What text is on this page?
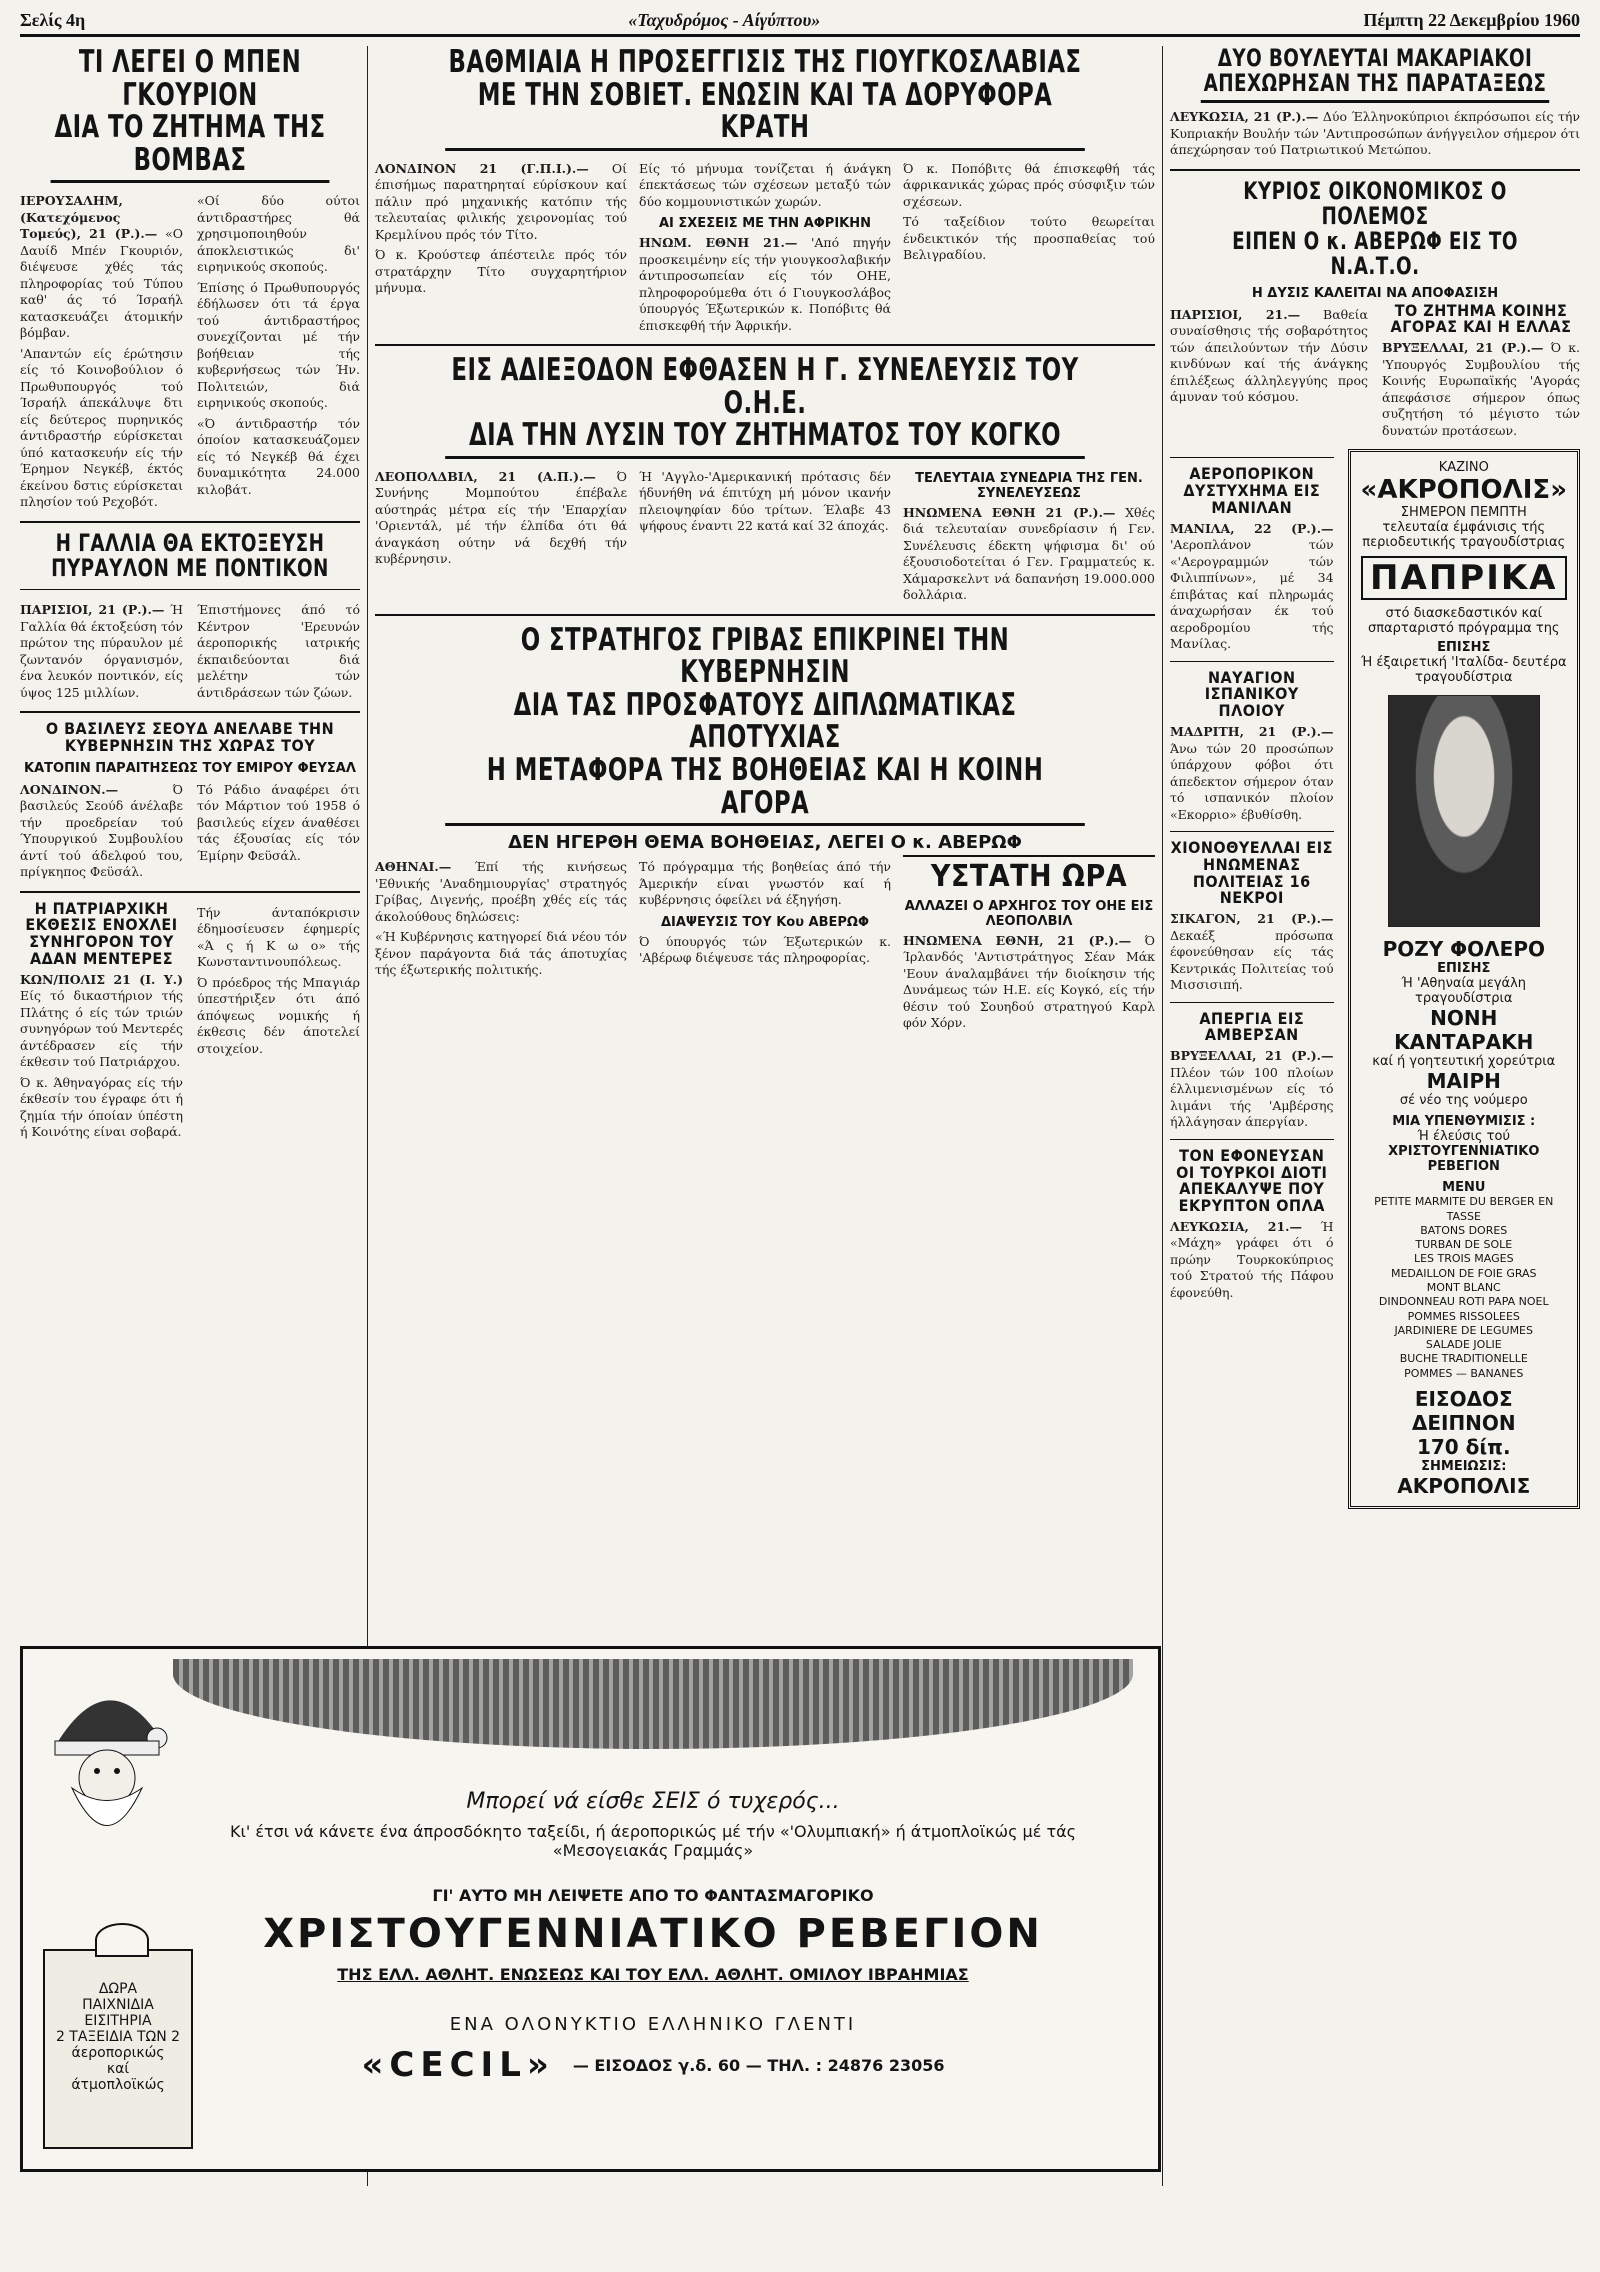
Σελίς 4η	«Ταχυδρόμος - Αίγύπτου»	Πέμπτη 22 Δεκεμβρίου 1960
ΤΙ ΛΕΓΕΙ Ο ΜΠΕΝ ΓΚΟΥΡΙΟΝ
ΔΙΑ ΤΟ ΖΗΤΗΜΑ ΤΗΣ ΒΟΜΒΑΣ

ΙΕΡΟΥΣΑΛΗΜ, (Κατεχόμενος Τομεύς), 21 (Ρ.).— «Ο Δαυίδ Μπέν Γκουριόν, διέψευσε χθές τάς πληροφορίας τού Τύπου καθ' άς τό Ίσραήλ κατασκευάζει άτομικήν βόμβαν.

'Απαντών είς έρώτησιν είς τό Κοινοβούλιον ό Πρωθυπουργός τού Ίσραήλ άπεκάλυψε δτι είς δεύτερος πυρηνικός άντιδραστήρ εύρίσκεται ύπό κατασκευήν είς τήν Έρημον Νεγκέβ, έκτός έκείνου δστις εύρίσκεται πλησίον τού Ρεχοβότ.

«Οί δύο ούτοι άντιδραστήρες θά χρησιμοποιηθούν άποκλειστικώς δι' ειρηνικούς σκοπούς.

Έπίσης ό Πρωθυπουργός έδήλωσεν ότι τά έργα τού άντιδραστήρος συνεχίζονται μέ τήν βοήθειαν τής κυβερνήσεως τών Ήν. Πολιτειών, διά ειρηνικούς σκοπούς.

«Ό άντιδραστήρ τόν όποίον κατασκευάζομεν είς τό Νεγκέβ θά έχει δυναμικότητα 24.000 κιλοβάτ.

Η ΓΑΛΛΙΑ ΘΑ ΕΚΤΟΞΕΥΣΗ ΠΥΡΑΥΛΟΝ ΜΕ ΠΟΝΤΙΚΟΝ

ΠΑΡΙΣΙΟΙ, 21 (Ρ.).— Ή Γαλλία θά έκτοξεύση τόν πρώτον της πύραυλον μέ ζωντανόν όργανισμόν, ένα λευκόν ποντικόν, είς ύψος 125 μιλλίων.

Έπιστήμονες άπό τό Κέντρον 'Ερευνών άεροπορικής ιατρικής έκπαιδεύονται διά μελέτην τών άντιδράσεων τών ζώων.

Ο ΒΑΣΙΛΕΥΣ ΣΕΟΥΔ ΑΝΕΛΑΒΕ ΤΗΝ ΚΥΒΕΡΝΗΣΙΝ ΤΗΣ ΧΩΡΑΣ ΤΟΥ
ΚΑΤΟΠΙΝ ΠΑΡΑΙΤΗΣΕΩΣ ΤΟΥ ΕΜΙΡΟΥ ΦΕΥΣΑΛ

ΛΟΝΔΙΝΟΝ.—	Ό βασιλεύς Σεούδ άνέλαβε τήν προεδρείαν τού Ύπουργικού Συμβουλίου άντί τού άδελφού του, πρίγκηπος Φεϋσάλ.

Τό Ράδιο άναφέρει ότι τόν Μάρτιον τού 1958 ό βασιλεύς είχεν άναθέσει τάς έξουσίας είς τόν Έμίρην Φεϋσάλ.

Η ΠΑΤΡΙΑΡΧΙΚΗ ΕΚΘΕΣΙΣ ΕΝΟΧΛΕΙ ΣΥΝΗΓΟΡΟΝ ΤΟΥ ΑΔΑΝ ΜΕΝΤΕΡΕΣ

ΚΩΝ/ΠΟΛΙΣ 21 (Ι. Υ.) Είς τό δικαστήριον τής Πλάτης ό είς τών τριών συνηγόρων τού Μεντερές άντέδρασεν είς τήν έκθεσιν τού Πατριάρχου.

Ό κ. Άθηναγόρας είς τήν έκθεσίν του έγραφε ότι ή ζημία τήν όποίαν ύπέστη ή Κοινότης είναι σοβαρά.

Τήν άνταπόκρισιν έδημοσίευσεν έφημερίς «Ά ς ή Κ ω ο» τής Κωνσταντινουπόλεως.

Ό πρόεδρος τής Μπαγιάρ ύπεστήριξεν ότι άπό άπόψεως νομικής ή έκθεσις δέν άποτελεί στοιχείον.

ΒΑΘΜΙΑΙΑ Η ΠΡΟΣΕΓΓΙΣΙΣ ΤΗΣ ΓΙΟΥΓΚΟΣΛΑΒΙΑΣ
ΜΕ ΤΗΝ ΣΟΒΙΕΤ. ΕΝΩΣΙΝ ΚΑΙ ΤΑ ΔΟΡΥΦΟΡΑ ΚΡΑΤΗ

ΛΟΝΔΙΝΟΝ 21 (Γ.Π.Ι.).— Οί έπισήμως παρατηρηταί εύρίσκουν καί πάλιν πρό μηχανικής κατόπιν τής τελευταίας φιλικής χειρονομίας τού Κρεμλίνου πρός τόν Τίτο.

Ό κ. Κρούστεφ άπέστειλε πρός τόν στρατάρχην Τίτο συγχαρητήριον μήνυμα.

Είς τό μήνυμα τονίζεται ή άνάγκη έπεκτάσεως τών σχέσεων μεταξύ τών δύο κομμουνιστικών χωρών.

ΑΙ ΣΧΕΣΕΙΣ ΜΕ ΤΗΝ ΑΦΡΙΚΗΝ

ΗΝΩΜ. ΕΘΝΗ 21.— 'Από πηγήν προσκειμένην είς τήν γιουγκοσλαβικήν άντιπροσωπείαν είς τόν ΟΗΕ, πληροφορούμεθα ότι ό Γιουγκοσλάβος ύπουργός Έξωτερικών κ. Ποπόβιτς θά έπισκεφθή τήν Άφρικήν.

Ό κ. Ποπόβιτς θά έπισκεφθή τάς άφρικανικάς χώρας πρός σύσφιξιν τών σχέσεων.

Τό ταξείδιον τούτο θεωρείται ένδεικτικόν τής προσπαθείας τού Βελιγραδίου.

ΕΙΣ ΑΔΙΕΞΟΔΟΝ ΕΦΘΑΣΕΝ Η Γ. ΣΥΝΕΛΕΥΣΙΣ ΤΟΥ Ο.Η.Ε.
ΔΙΑ ΤΗΝ ΛΥΣΙΝ ΤΟΥ ΖΗΤΗΜΑΤΟΣ ΤΟΥ ΚΟΓΚΟ

ΛΕΟΠΟΛΔΒΙΛ, 21 (Α.Π.).— Ό Συνήνης Μομπούτου έπέβαλε αύστηράς μέτρα είς τήν 'Επαρχίαν 'Οριεντάλ, μέ τήν έλπίδα ότι θά άναγκάση ούτην νά δεχθή τήν κυβέρνησιν.

Ή 'Αγγλο-'Αμερικανική πρότασις δέν ήδυνήθη νά έπιτύχη μή μόνον ικανήν πλειοψηφίαν δύο τρίτων. Έλαβε 43 ψήφους έναντι 22 κατά καί 32 άποχάς.

ΤΕΛΕΥΤΑΙΑ ΣΥΝΕΔΡΙΑ ΤΗΣ ΓΕΝ. ΣΥΝΕΛΕΥΣΕΩΣ

ΗΝΩΜΕΝΑ ΕΘΝΗ 21 (Ρ.).— Χθές διά τελευταίαν συνεδρίασιν ή Γεν. Συνέλευσις έδεκτη ψήφισμα δι' ού έξουσιοδοτείται ό Γεν. Γραμματεύς κ. Χάμαρσκελντ νά δαπανήση 19.000.000 δολλάρια.

Ο ΣΤΡΑΤΗΓΟΣ ΓΡΙΒΑΣ ΕΠΙΚΡΙΝΕΙ ΤΗΝ ΚΥΒΕΡΝΗΣΙΝ
ΔΙΑ ΤΑΣ ΠΡΟΣΦΑΤΟΥΣ ΔΙΠΛΩΜΑΤΙΚΑΣ ΑΠΟΤΥΧΙΑΣ
Η ΜΕΤΑΦΟΡΑ ΤΗΣ ΒΟΗΘΕΙΑΣ ΚΑΙ Η ΚΟΙΝΗ ΑΓΟΡΑ
ΔΕΝ ΗΓΕΡΘΗ ΘΕΜΑ ΒΟΗΘΕΙΑΣ, ΛΕΓΕΙ Ο κ. ΑΒΕΡΩΦ

ΑΘΗΝΑΙ.— Έπί τής κινήσεως 'Εθνικής 'Αναδημιουργίας' στρατηγός Γρίβας, Διγενής, προέβη χθές είς τάς άκολούθους δηλώσεις:

«Ή Κυβέρνησις κατηγορεί διά νέου τόν ξένον παράγοντα διά τάς άποτυχίας τής έξωτερικής πολιτικής.

Τό πρόγραμμα τής βοηθείας άπό τήν Άμερικήν είναι γνωστόν καί ή κυβέρνησις όφείλει νά έξηγήση.

ΔΙΑΨΕΥΣΙΣ ΤΟΥ Κου ΑΒΕΡΩΦ

Ό ύπουργός τών Έξωτερικών κ. 'Αβέρωφ διέψευσε τάς πληροφορίας.

ΥΣΤΑΤΗ ΩΡΑ
ΑΛΛΑΖΕΙ Ο ΑΡΧΗΓΟΣ ΤΟΥ ΟΗΕ ΕΙΣ ΛΕΟΠΟΛΒΙΛ

ΗΝΩΜΕΝΑ ΕΘΝΗ, 21 (Ρ.).— Ό Ίρλανδός 'Αντιστράτηγος Σέαν Μάκ 'Εουν άναλαμβάνει τήν διοίκησιν τής Δυνάμεως τών Η.Ε. είς Κογκό, είς τήν θέσιν τού Σουηδού στρατηγού Καρλ φόν Χόρν.

ΔΥΟ ΒΟΥΛΕΥΤΑΙ ΜΑΚΑΡΙΑΚΟΙ
ΑΠΕΧΩΡΗΣΑΝ ΤΗΣ ΠΑΡΑΤΑΞΕΩΣ

ΛΕΥΚΩΣΙΑ, 21 (Ρ.).— Δύο Έλληνοκύπριοι έκπρόσωποι είς τήν Κυπριακήν Βουλήν τών 'Αντιπροσώπων άνήγγειλον σήμερον ότι άπεχώρησαν τού Πατριωτικού Μετώπου.

ΚΥΡΙΟΣ ΟΙΚΟΝΟΜΙΚΟΣ Ο ΠΟΛΕΜΟΣ
ΕΙΠΕΝ Ο κ. ΑΒΕΡΩΦ ΕΙΣ ΤΟ Ν.Α.Τ.Ο.
Η ΔΥΣΙΣ ΚΑΛΕΙΤΑΙ ΝΑ ΑΠΟΦΑΣΙΣΗ

ΠΑΡΙΣΙΟΙ, 21.— Βαθεία συναίσθησις τής σοβαρότητος τών άπειλούντων τήν Δύσιν κινδύνων καί τής άνάγκης έπιλέξεως άλληλεγγύης προς άμυναν τού κόσμου.

ΤΟ ΖΗΤΗΜΑ ΚΟΙΝΗΣ ΑΓΟΡΑΣ ΚΑΙ Η ΕΛΛΑΣ

ΒΡΥΞΕΛΛΑΙ, 21 (Ρ.).— Ό κ. 'Υπουργός Συμβουλίου τής Κοινής Ευρωπαϊκής 'Αγοράς άπεφάσισε σήμερον όπως συζητήση τό μέγιστο τών δυνατών προτάσεων.

ΑΕΡΟΠΟΡΙΚΟΝ ΔΥΣΤΥΧΗΜΑ ΕΙΣ ΜΑΝΙΛΑΝ

ΜΑΝΙΛΑ, 22 (Ρ.).— 'Αεροπλάνον τών «'Αερογραμμών τών Φιλιππίνων», μέ 34 έπιβάτας καί πληρωμάς άναχωρήσαν έκ τού αεροδρομίου τής Μανίλας.

ΝΑΥΑΓΙΟΝ ΙΣΠΑΝΙΚΟΥ ΠΛΟΙΟΥ

ΜΑΔΡΙΤΗ, 21 (Ρ.).— Άνω τών 20 προσώπων ύπάρχουν φόβοι ότι άπεδεκτον σήμερον όταν τό ισπανικόν πλοίον «Εκορριο» έβυθίσθη.

ΧΙΟΝΟΘΥΕΛΛΑΙ ΕΙΣ ΗΝΩΜΕΝΑΣ ΠΟΛΙΤΕΙΑΣ 16 ΝΕΚΡΟΙ

ΣΙΚΑΓΟΝ, 21 (Ρ.).— Δεκαέξ πρόσωπα έφονεύθησαν είς τάς Κεντρικάς Πολιτείας τού Μισσισιπή.

ΑΠΕΡΓΙΑ ΕΙΣ ΑΜΒΕΡΣΑΝ

ΒΡΥΞΕΛΛΑΙ, 21 (Ρ.).— Πλέον τών 100 πλοίων έλλιμενισμένων είς τό λιμάνι τής 'Αμβέρσης ήλλάγησαν άπεργίαν.

ΤΟΝ ΕΦΟΝΕΥΣΑΝ ΟΙ ΤΟΥΡΚΟΙ ΔΙΟΤΙ ΑΠΕΚΑΛΥΨΕ ΠΟΥ ΕΚΡΥΠΤΟΝ ΟΠΛΑ

ΛΕΥΚΩΣΙΑ, 21.— Ή «Μάχη» γράφει ότι ό πρώην Τουρκοκύπριος τού Στρατού τής Πάφου έφονεύθη.

ΚΑΖΙΝΟ
«ΑΚΡΟΠΟΛΙΣ»
ΣΗΜΕΡΟΝ ΠΕΜΠΤΗ
τελευταία έμφάνισις τής περιοδευτικής τραγουδίστριας
ΠΑΠΡΙΚΑ
στό διασκεδαστικόν καί σπαρταριστό πρόγραμμα της
ΕΠΙΣΗΣ
Ή έξαιρετική 'Ιταλίδα- δευτέρα τραγουδίστρια
ΡΟΖΥ ΦΟΛΕΡΟ
ΕΠΙΣΗΣ
Ή 'Αθηναία μεγάλη τραγουδίστρια
ΝΟΝΗ ΚΑΝΤΑΡΑΚΗ
καί ή γοητευτική χορεύτρια
ΜΑΙΡΗ
σέ νέο της νούμερο
ΜΙΑ ΥΠΕΝΘΥΜΙΣΙΣ :
Ή έλεύσις τού
ΧΡΙΣΤΟΥΓΕΝΝΙΑΤΙΚΟ ΡΕΒΕΓΙΟΝ
MENU
PETITE MARMITE DU BERGER EN TASSE
BATONS DORES
TURBAN DE SOLE
LES TROIS MAGES
MEDAILLON DE FOIE GRAS
MONT BLANC
DINDONNEAU ROTI PAPA NOEL
POMMES RISSOLEES
JARDINIERE DE LEGUMES
SALADE JOLIE
BUCHE TRADITIONELLE
POMMES — BANANES
ΕΙΣΟΔΟΣ ΔΕΙΠΝΟΝ
170 δίπ.
ΣΗΜΕΙΩΣΙΣ:
ΑΚΡΟΠΟΛΙΣ
Μπορεί νά είσθε ΣΕΙΣ ό τυχερός...
Κι' έτσι νά κάνετε ένα άπροσδόκητο ταξείδι, ή άεροπορικώς μέ τήν «'Ολυμπιακή» ή άτμοπλοϊκώς μέ τάς «Μεσογειακάς Γραμμάς»
ΓΙ' ΑΥΤΟ ΜΗ ΛΕΙΨΕΤΕ ΑΠΟ ΤΟ ΦΑΝΤΑΣΜΑΓΟΡΙΚΟ
ΧΡΙΣΤΟΥΓΕΝΝΙΑΤΙΚΟ ΡΕΒΕΓΙΟΝ
ΤΗΣ ΕΛΛ. ΑΘΛΗΤ. ΕΝΩΣΕΩΣ ΚΑΙ ΤΟΥ ΕΛΛ. ΑΘΛΗΤ. ΟΜΙΛΟΥ ΙΒΡΑΗΜΙΑΣ
ΕΝΑ ΟΛΟΝΥΚΤΙΟ ΕΛΛΗΝΙΚΟ ΓΛΕΝΤΙ
«CECIL» — ΕΙΣΟΔΟΣ γ.δ. 60 — ΤΗΛ. : 24876 23056
ΔΩΡΑ
ΠΑΙΧΝΙΔΙΑ
ΕΙΣΙΤΗΡΙΑ
2 ΤΑΞΕΙΔΙΑ ΤΩΝ 2
άεροπορικώς
καί
άτμοπλοϊκώς
